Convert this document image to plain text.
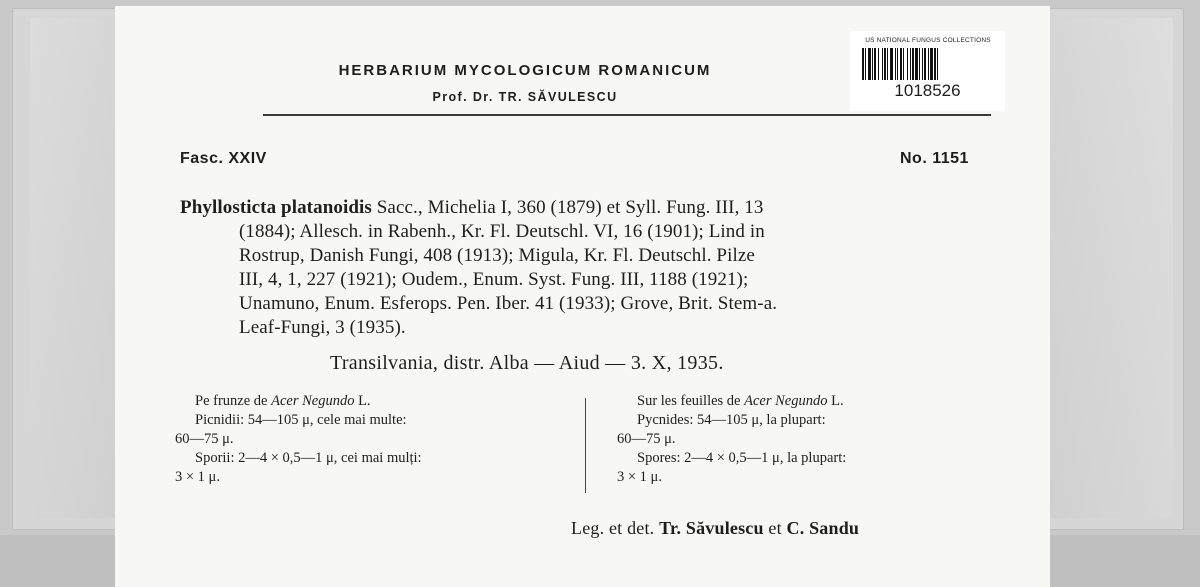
HERBARIUM MYCOLOGICUM ROMANICUM
Prof. Dr. TR. SĂVULESCU
US NATIONAL FUNGUS COLLECTIONS
1018526
Fasc. XXIV	No. 1151
Phyllosticta platanoidis Sacc., Michelia I, 360 (1879) et Syll. Fung. III, 13
(1884); Allesch. in Rabenh., Kr. Fl. Deutschl. VI, 16 (1901); Lind in
Rostrup, Danish Fungi, 408 (1913); Migula, Kr. Fl. Deutschl. Pilze
III, 4, 1, 227 (1921); Oudem., Enum. Syst. Fung. III, 1188 (1921);
Unamuno, Enum. Esferops. Pen. Iber. 41 (1933); Grove, Brit. Stem-a.
Leaf-Fungi, 3 (1935).
Transilvania, distr. Alba — Aiud — 3. X, 1935.
Pe frunze de Acer Negundo L.
Picnidii: 54—105 μ, cele mai multe:
60—75 μ.
Sporii: 2—4 × 0,5—1 μ, cei mai mulți:
3 × 1 μ.
Sur les feuilles de Acer Negundo L.
Pycnides: 54—105 μ, la plupart:
60—75 μ.
Spores: 2—4 × 0,5—1 μ, la plupart:
3 × 1 μ.
Leg. et det. Tr. Săvulescu et C. Sandu
